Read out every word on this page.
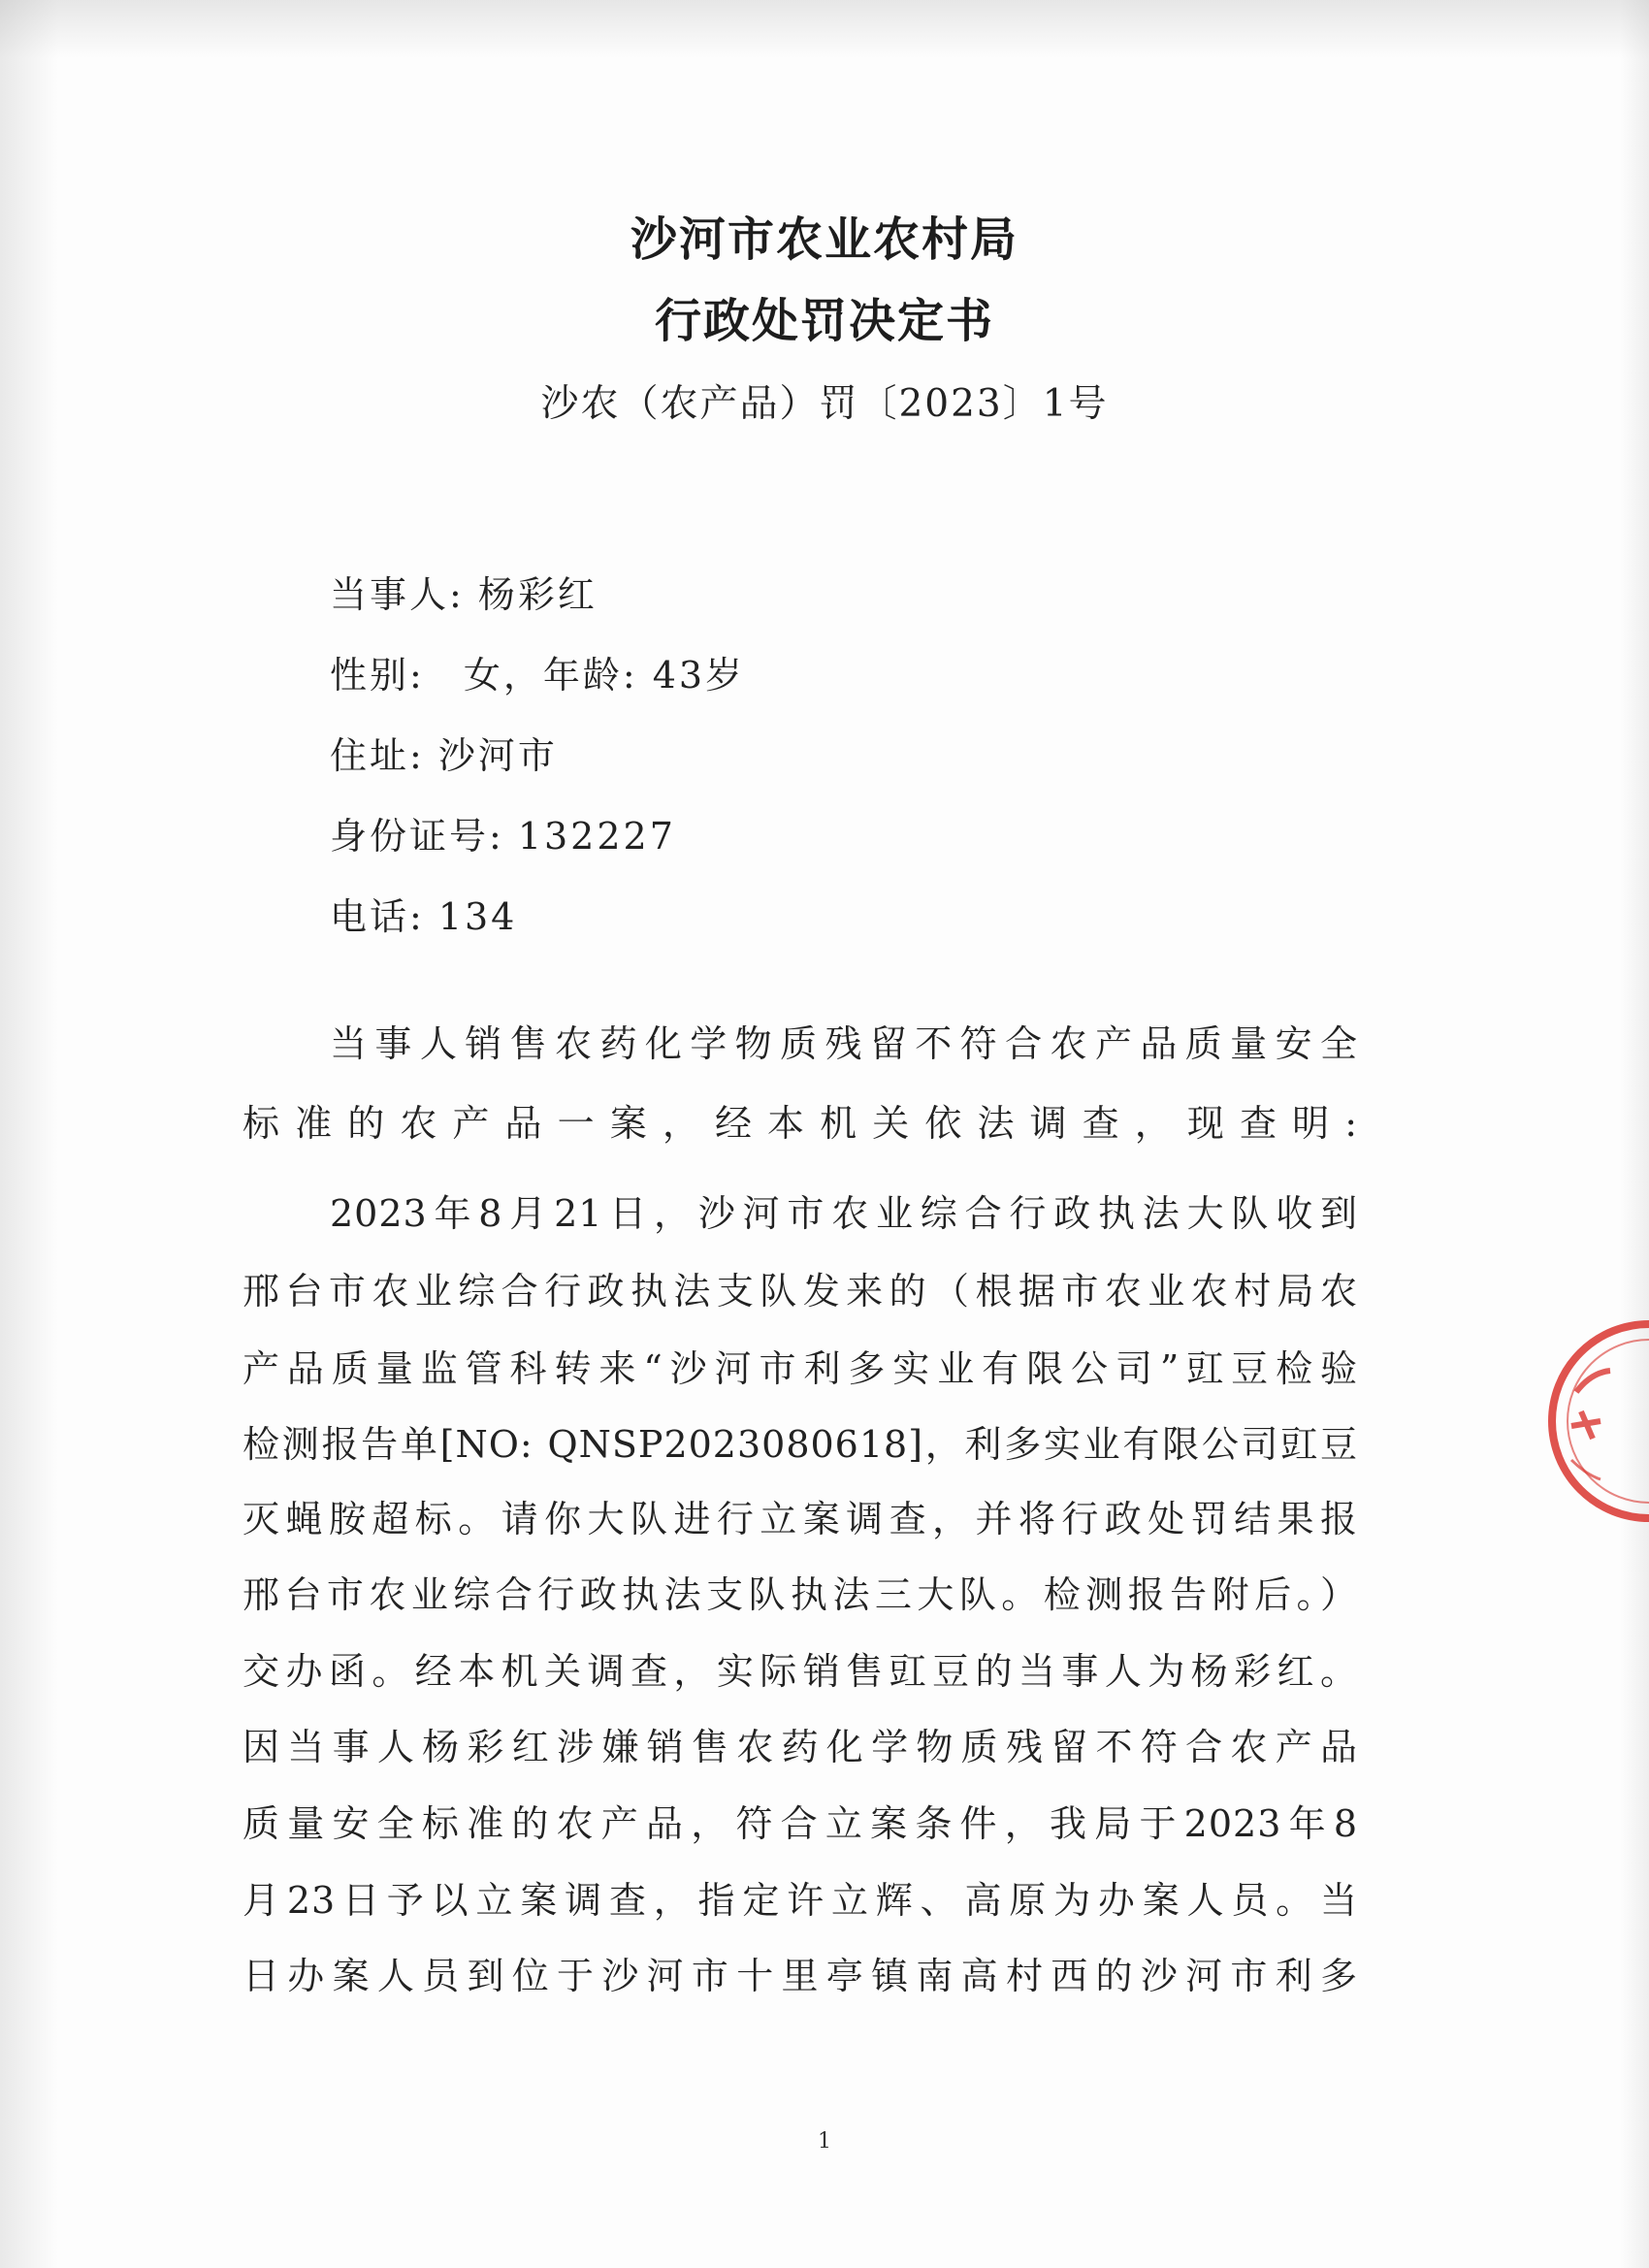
沙河市农业农村局
行政处罚决定书
沙农（农产品）罚〔2023〕1号
当事人: 杨彩红
性别: 女，年龄: 43岁
住址: 沙河市
身份证号: 132227
电话: 134
当事人销售农药化学物质残留不符合农产品质量安全
标准的农产品一案，经本机关依法调查，现查明:
2023年8月21日，沙河市农业综合行政执法大队收到
邢台市农业综合行政执法支队发来的（根据市农业农村局农
产品质量监管科转来“沙河市利多实业有限公司”豇豆检验
检测报告单[NO: QNSP2023080618]，利多实业有限公司豇豆
灭蝇胺超标。请你大队进行立案调查，并将行政处罚结果报
邢台市农业综合行政执法支队执法三大队。检测报告附后。）
交办函。经本机关调查，实际销售豇豆的当事人为杨彩红。
因当事人杨彩红涉嫌销售农药化学物质残留不符合农产品
质量安全标准的农产品，符合立案条件，我局于2023年8
月23日予以立案调查，指定许立辉、高原为办案人员。当
日办案人员到位于沙河市十里亭镇南高村西的沙河市利多
1
